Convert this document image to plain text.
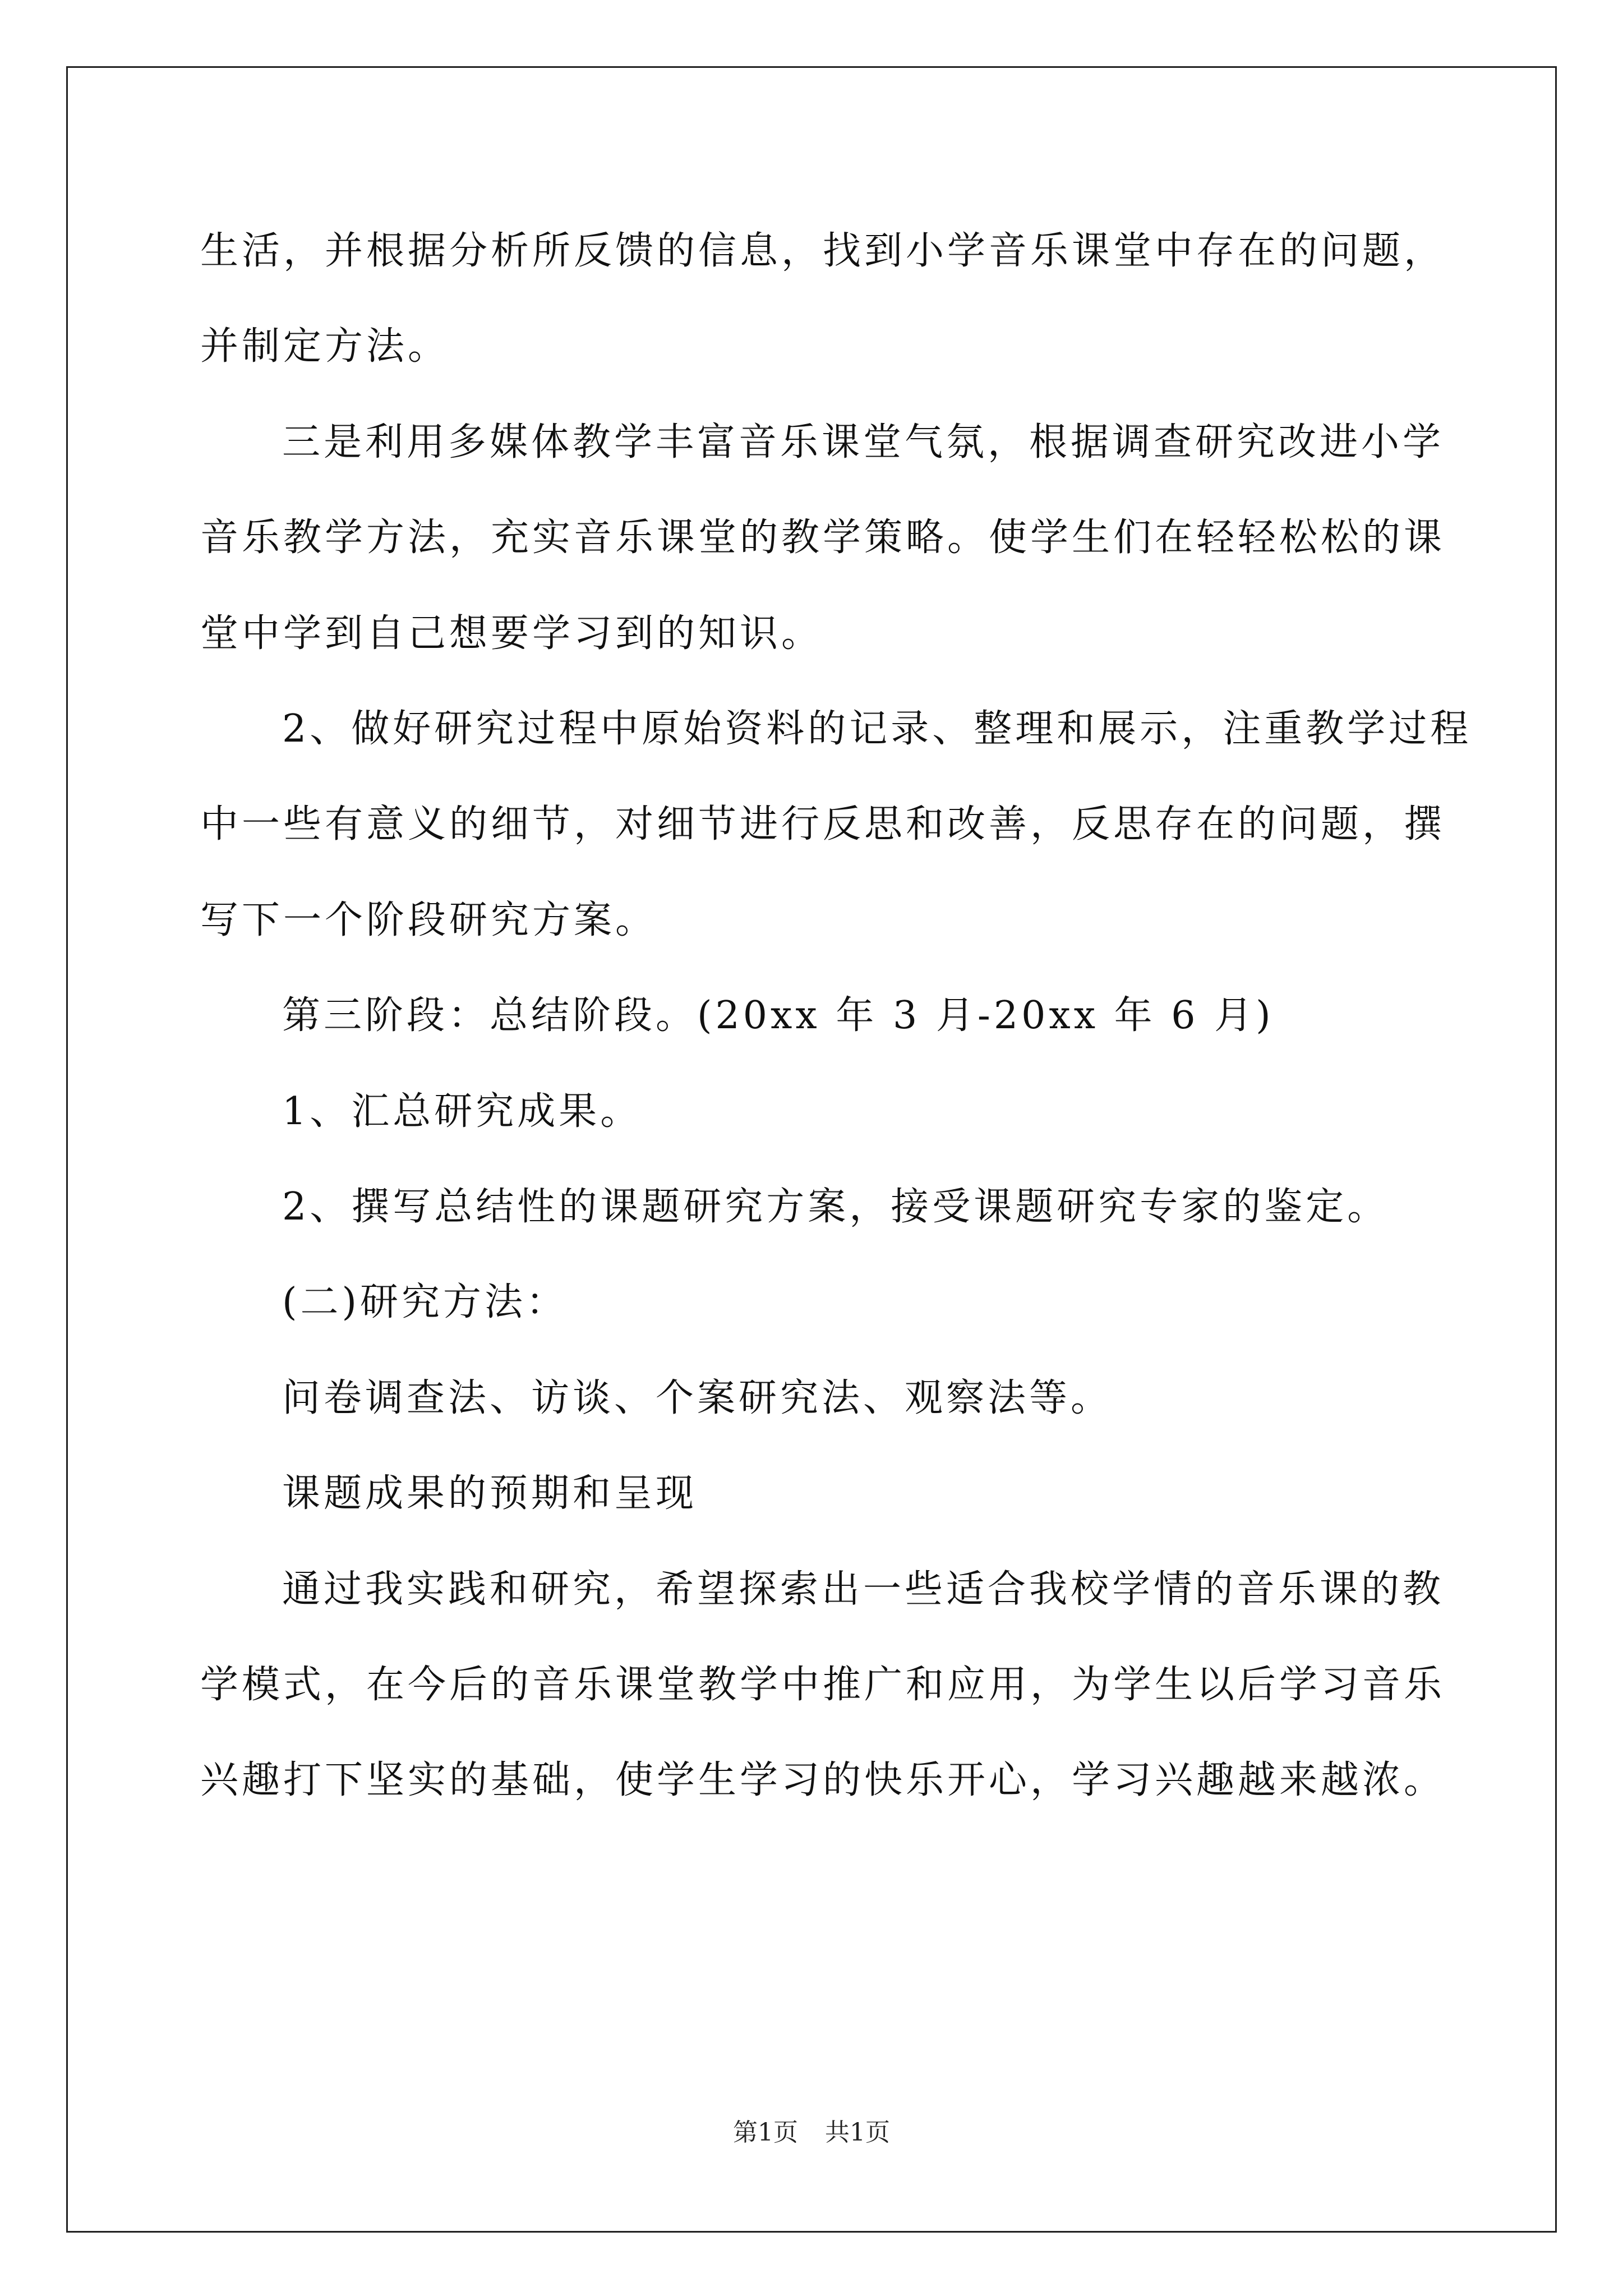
生活，并根据分析所反馈的信息，找到小学音乐课堂中存在的问题，
并制定方法。
三是利用多媒体教学丰富音乐课堂气氛，根据调查研究改进小学
音乐教学方法，充实音乐课堂的教学策略。使学生们在轻轻松松的课
堂中学到自己想要学习到的知识。
2、做好研究过程中原始资料的记录、整理和展示，注重教学过程
中一些有意义的细节，对细节进行反思和改善，反思存在的问题，撰
写下一个阶段研究方案。
第三阶段：总结阶段。(20xx 年 3 月-20xx 年 6 月)
1、汇总研究成果。
2、撰写总结性的课题研究方案，接受课题研究专家的鉴定。
(二)研究方法：
问卷调查法、访谈、个案研究法、观察法等。
课题成果的预期和呈现
通过我实践和研究，希望探索出一些适合我校学情的音乐课的教
学模式，在今后的音乐课堂教学中推广和应用，为学生以后学习音乐
兴趣打下坚实的基础，使学生学习的快乐开心，学习兴趣越来越浓。
第1页 共1页
